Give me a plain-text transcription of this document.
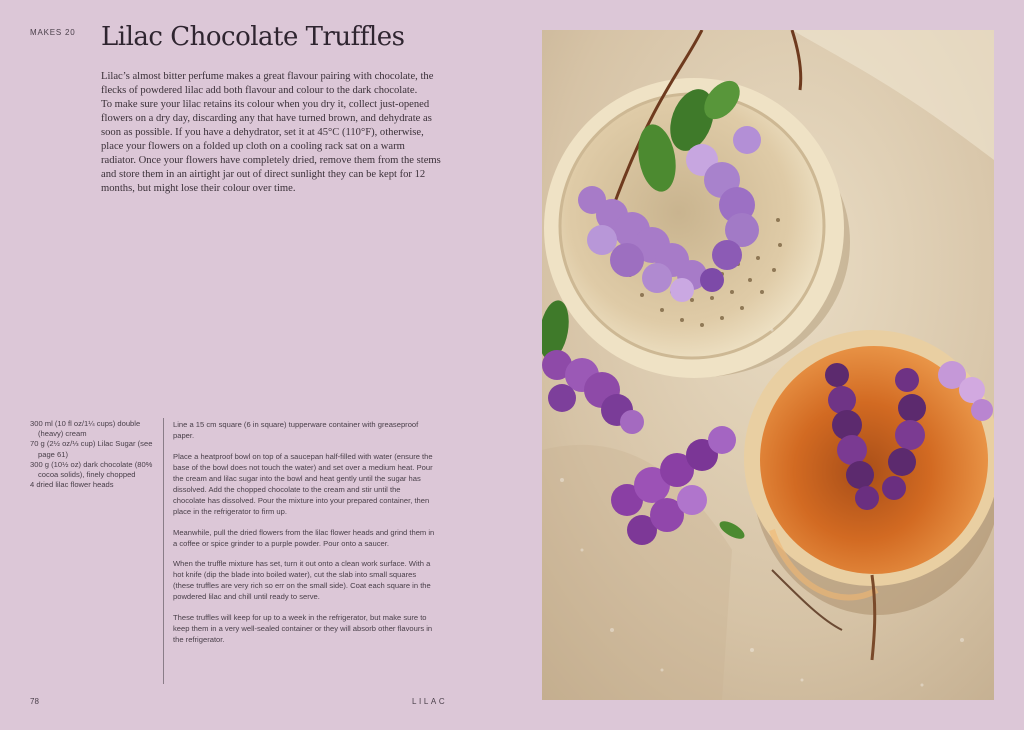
MAKES 20 Lilac Chocolate Truffles

Lilac’s almost bitter perfume makes a great flavour pairing with chocolate, the flecks of powdered lilac add both flavour and colour to the dark chocolate.

To make sure your lilac retains its colour when you dry it, collect just-opened flowers on a dry day, discarding any that have turned brown, and dehydrate as soon as possible. If you have a dehydrator, set it at 45°C (110°F), otherwise, place your flowers on a folded up cloth on a cooling rack sat on a warm radiator. Once your flowers have completely dried, remove them from the stems and store them in an airtight jar out of direct sunlight they can be kept for 12 months, but might lose their colour over time.

300 ml (10 fl oz/1¼ cups) double (heavy) cream
70 g (2½ oz/⅓ cup) Lilac Sugar (see page 61)
300 g (10½ oz) dark chocolate (80% cocoa solids), finely chopped
4 dried lilac flower heads

Line a 15 cm square (6 in square) tupperware container with greaseproof paper.

Place a heatproof bowl on top of a saucepan half-filled with water (ensure the base of the bowl does not touch the water) and set over a medium heat. Pour the cream and lilac sugar into the bowl and heat gently until the sugar has dissolved. Add the chopped chocolate to the cream and stir until the chocolate has dissolved. Pour the mixture into your prepared container, then place in the refrigerator to firm up.

Meanwhile, pull the dried flowers from the lilac flower heads and grind them in a coffee or spice grinder to a purple powder. Pour onto a saucer.

When the truffle mixture has set, turn it out onto a clean work surface. With a hot knife (dip the blade into boiled water), cut the slab into small squares (these truffles are very rich so err on the small side). Coat each square in the powdered lilac and chill until ready to serve.

These truffles will keep for up to a week in the refrigerator, but make sure to keep them in a very well-sealed container or they will absorb other flavours in the refrigerator.

78	LILAC
